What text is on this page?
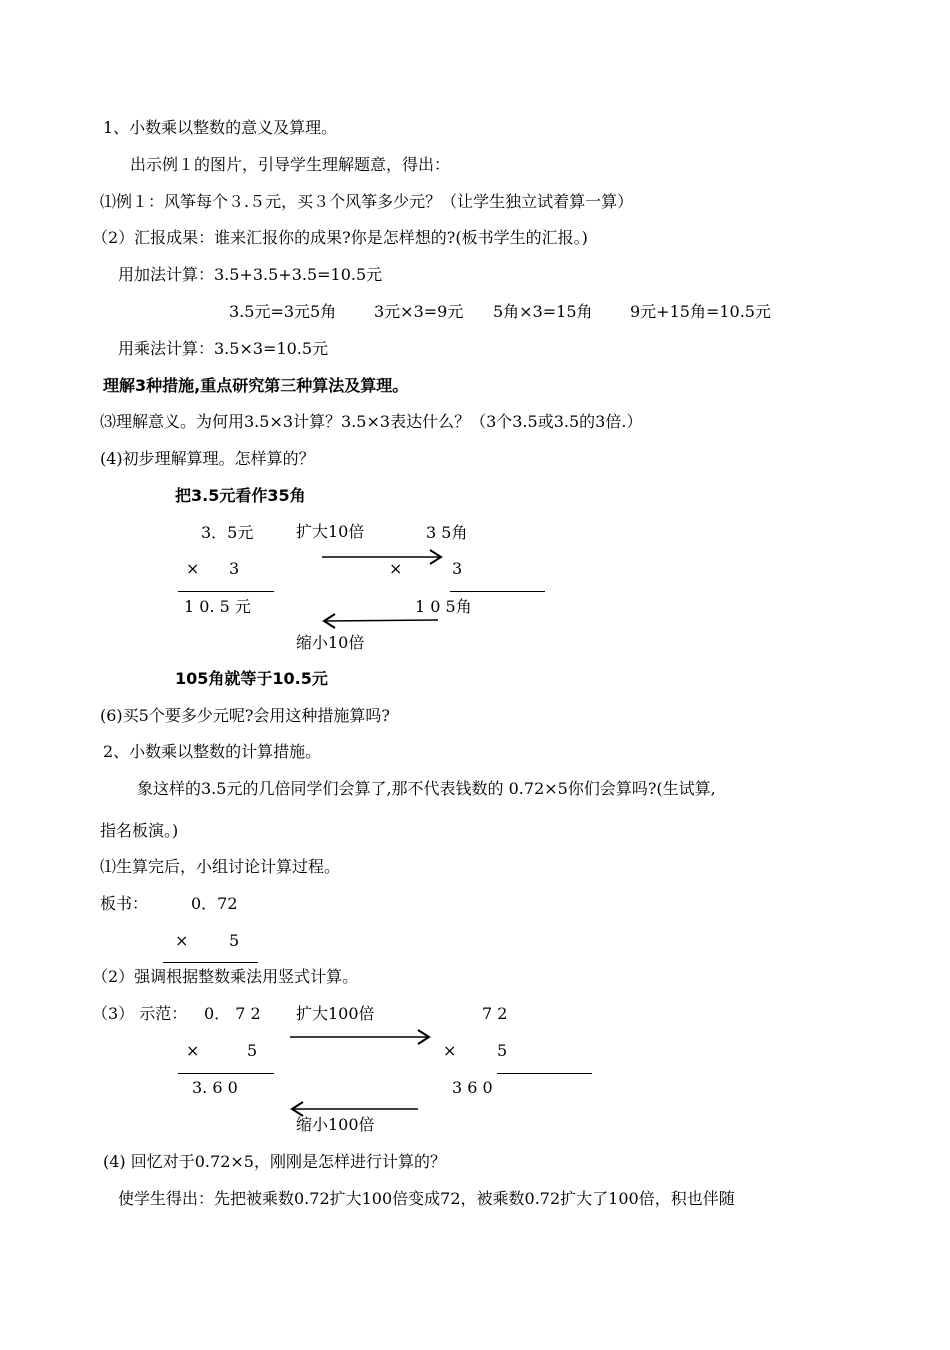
1、小数乘以整数的意义及算理。
出示例１的图片，引导学生理解题意，得出：
⑴例１：风筝每个３.５元，买３个风筝多少元？（让学生独立试着算一算）
（2）汇报成果：谁来汇报你的成果?你是怎样想的?(板书学生的汇报。)
用加法计算：3.5+3.5+3.5=10.5元
3.5元=3元5角 3元×3=9元 5角×3=15角 9元+15角=10.5元
用乘法计算：3.5×3=10.5元
理解3种措施,重点研究第三种算法及算理。
⑶理解意义。为何用3.5×3计算？3.5×3表达什么？（3个3.5或3.5的3倍.）
(4)初步理解算理。怎样算的？
把3.5元看作35角
3．5元	扩大10倍	3 5角
× 3	×	3
1 0. 5 元	1 0 5角
缩小10倍
105角就等于10.5元
(6)买5个要多少元呢?会用这种措施算吗?
2、小数乘以整数的计算措施。
象这样的3.5元的几倍同学们会算了,那不代表钱数的 0.72×5你们会算吗?(生试算,
指名板演。)
⑴生算完后，小组讨论计算过程。
板书：	0．72
×	5
（2）强调根据整数乘法用竖式计算。
（3） 示范： 0． 7 2 扩大100倍	7 2
×	5	×	5
3. 6 0	3 6 0
缩小100倍
(4) 回忆对于0.72×5，刚刚是怎样进行计算的？
使学生得出：先把被乘数0.72扩大100倍变成72，被乘数0.72扩大了100倍，积也伴随
